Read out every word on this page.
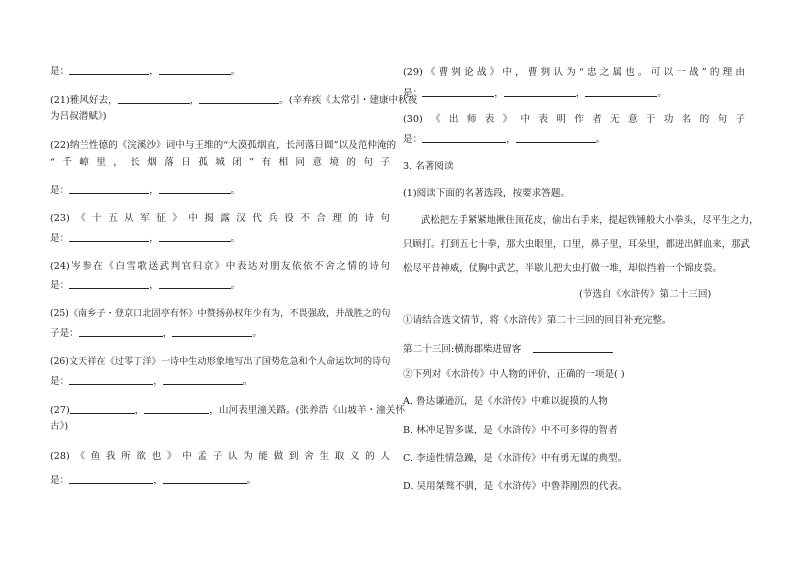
是：	，	。
(21)雅风好去，	，	。(辛弃疾《太常引・建康中秋夜
为吕叔潜赋》)
(22)纳兰性德的《浣溪沙》词中与王维的“大漠孤烟直，长河落日圆”以及范仲淹的
“千嶂里，长烟落日孤城闭”有相同意境的句子
是：	，	。
(23)《十五从军征》中揭露汉代兵役不合理的诗句
是：	，	。
(24)岑参在《白雪歌送武判官归京》中表达对朋友依依不舍之情的诗句
是：	，	。
(25)《南乡子・登京口北固亭有怀》中赞扬孙权年少有为，不畏强敌，并战胜之的句
子是：	，	。
(26)文天祥在《过零丁洋》一诗中生动形象地写出了国势危急和个人命运坎坷的诗句
是：	，	。
(27)	，	，山河表里潼关路。(张养浩《山坡羊・潼关怀
古》)
(28)《鱼我所欲也》中孟子认为能做到舍生取义的人
是：	，	。
(29)《曹刿论战》中，曹刿认为“忠之属也。可以一战”的理由
是：	，	，	。
(30)《出师表》中表明作者无意于功名的句子
是：	，	。
3. 名著阅读
(1)阅读下面的名著选段，按要求答题。
武松把左手紧紧地揪住顶花皮，偷出右手来，提起铁锤般大小拳头，尽平生之力，
只顾打。打到五七十拳，那大虫眼里，口里，鼻子里，耳朵里，都迸出鲜血来，那武
松尽平昔神威，仗胸中武艺，半歇儿把大虫打做一堆，却似挡着一个锦皮袋。
(节选自《水浒传》第二十三回)
①请结合选文情节，将《水浒传》第二十三回的回目补充完整。
第二十三回:横海郡柴进留客
②下列对《水浒传》中人物的评价，正确的一项是( )
A. 鲁达谦逊沉，是《水浒传》中难以捉摸的人物
B. 林冲足智多谋，是《水浒传》中不可多得的智者
C. 李逵性情急躁，是《水浒传》中有勇无谋的典型。
D. 吴用桀骜不驯，是《水浒传》中鲁莽刚烈的代表。
